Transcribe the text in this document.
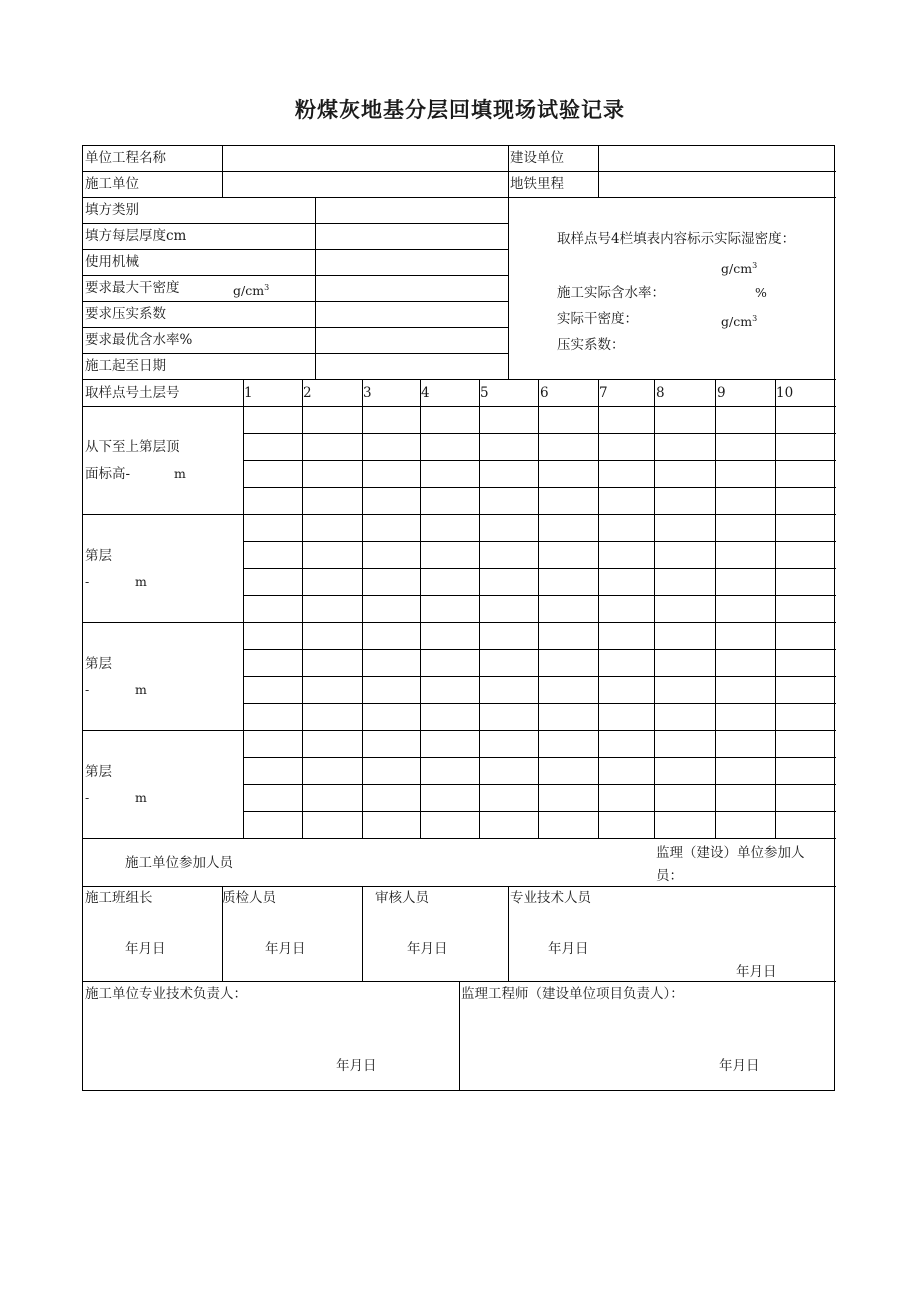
粉煤灰地基分层回填现场试验记录
单位工程名称	建设单位
施工单位	地铁里程
填方类别
填方每层厚度cm
使用机械
要求最大干密度	$g/cm^3$
要求压实系数
要求最优含水率%
施工起至日期
取样点号4栏填表内容标示实际湿密度：
$g/cm^3$
施工实际含水率：	%
实际干密度：	$g/cm^3$
压实系数：
取样点号土层号	1	2	3	4	5	6	7	8	9	10
从下至上第层顶
面标高-	m
第层
-	m
第层
-	m
第层
-	m
施工单位参加人员
监理（建设）单位参加人
员：
施工班组长	质检人员	审核人员	专业技术人员
年月日	年月日	年月日	年月日
年月日
施工单位专业技术负责人：	监理工程师（建设单位项目负责人）：
年月日	年月日
